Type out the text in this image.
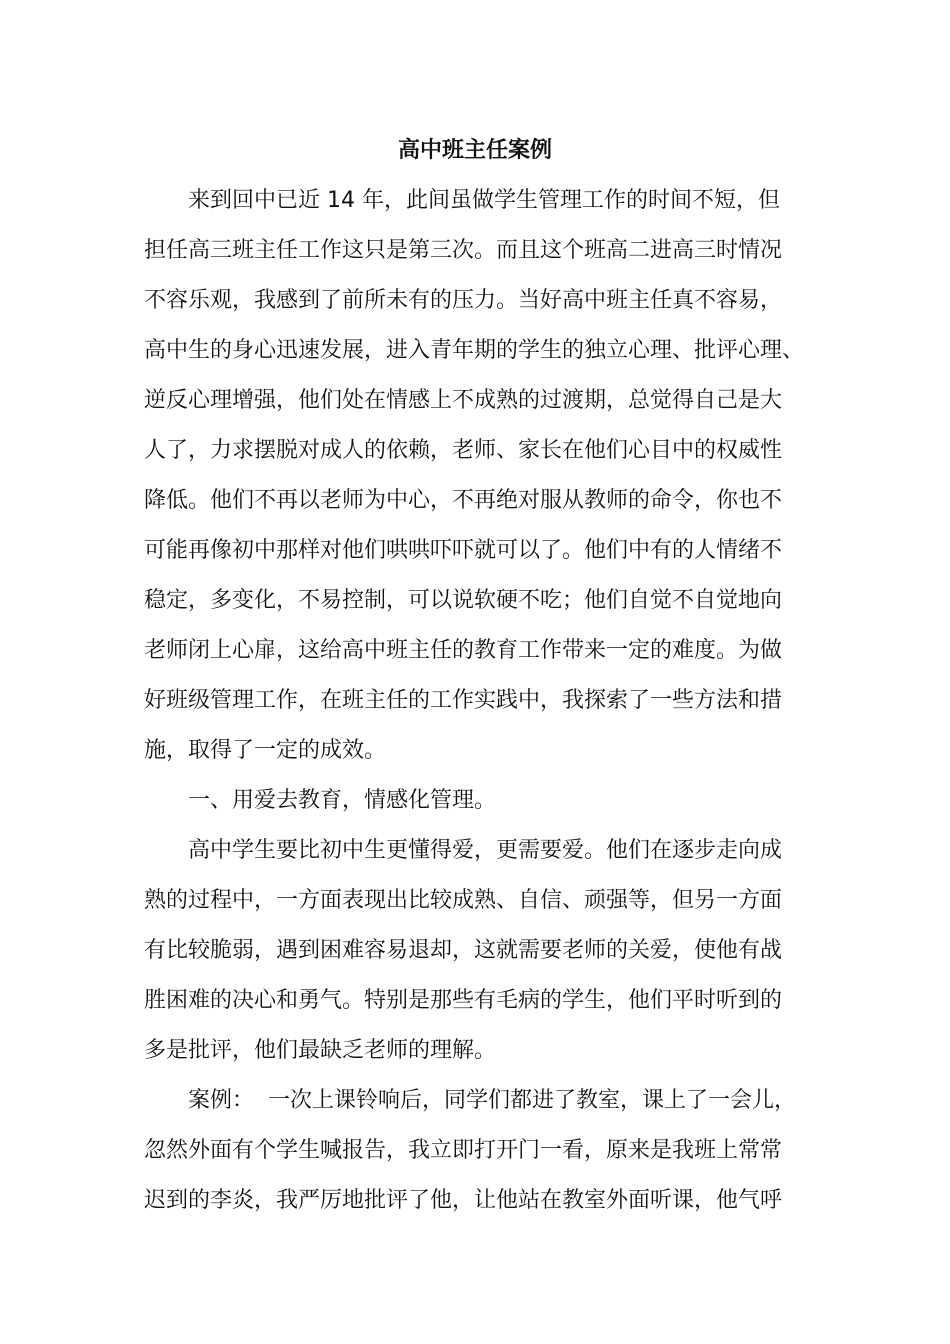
高中班主任案例

来到回中已近 14 年，此间虽做学生管理工作的时间不短，但

担任高三班主任工作这只是第三次。而且这个班高二进高三时情况

不容乐观，我感到了前所未有的压力。当好高中班主任真不容易，

高中生的身心迅速发展，进入青年期的学生的独立心理、批评心理、

逆反心理增强，他们处在情感上不成熟的过渡期，总觉得自己是大

人了，力求摆脱对成人的依赖，老师、家长在他们心目中的权威性

降低。他们不再以老师为中心，不再绝对服从教师的命令，你也不

可能再像初中那样对他们哄哄吓吓就可以了。他们中有的人情绪不

稳定，多变化，不易控制，可以说软硬不吃；他们自觉不自觉地向

老师闭上心扉，这给高中班主任的教育工作带来一定的难度。为做

好班级管理工作，在班主任的工作实践中，我探索了一些方法和措

施，取得了一定的成效。

一、用爱去教育，情感化管理。

高中学生要比初中生更懂得爱，更需要爱。他们在逐步走向成

熟的过程中，一方面表现出比较成熟、自信、顽强等，但另一方面

有比较脆弱，遇到困难容易退却，这就需要老师的关爱，使他有战

胜困难的决心和勇气。特别是那些有毛病的学生，他们平时听到的

多是批评，他们最缺乏老师的理解。

案例：  一次上课铃响后，同学们都进了教室，课上了一会儿，

忽然外面有个学生喊报告，我立即打开门一看，原来是我班上常常

迟到的李炎，我严厉地批评了他，让他站在教室外面听课，他气呼
